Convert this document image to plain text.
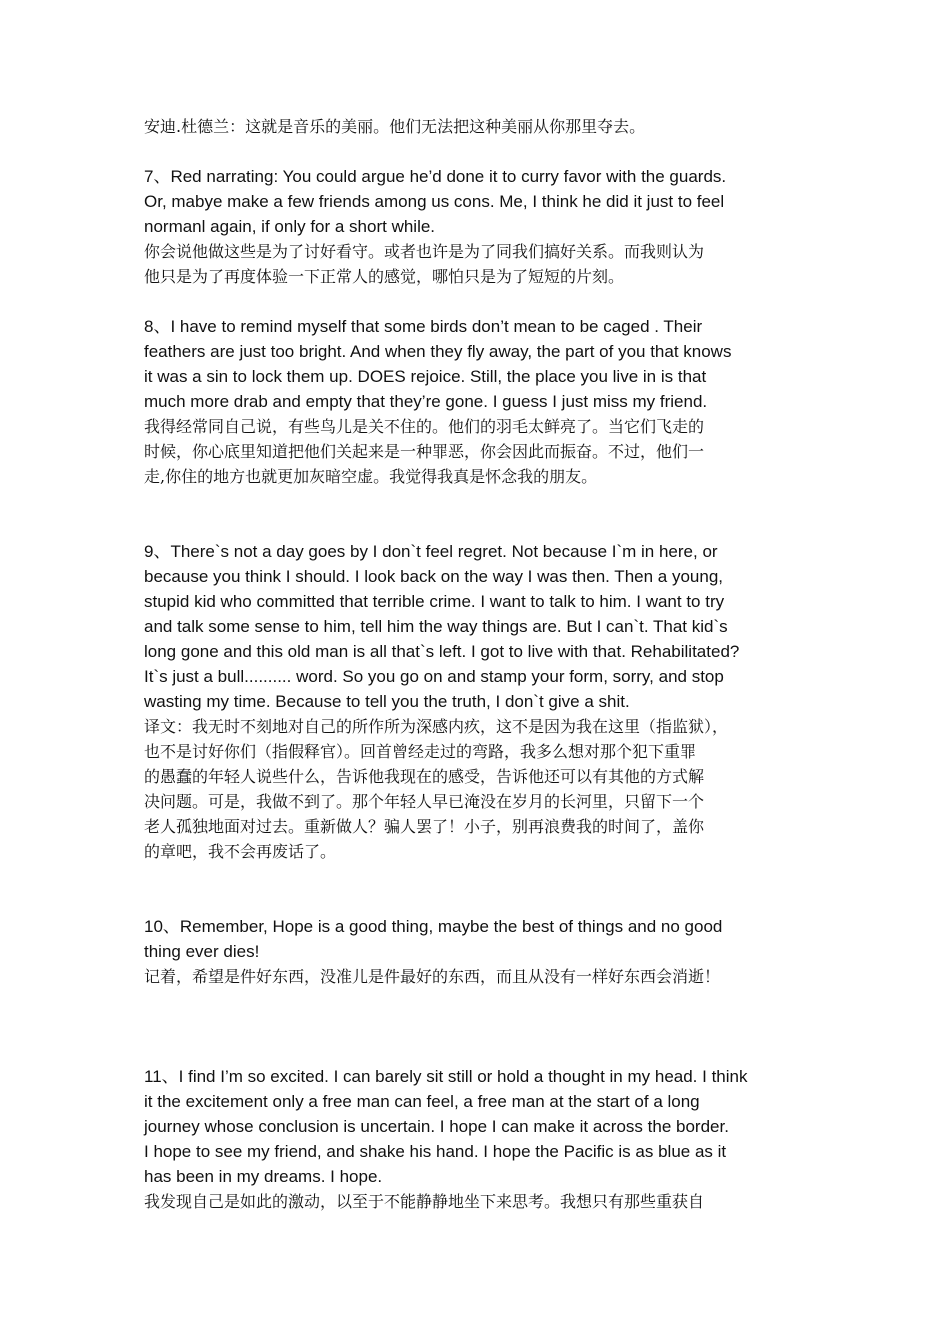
安迪.杜德兰：这就是音乐的美丽。他们无法把这种美丽从你那里夺去。

7、Red narrating: You could argue he’d done it to curry favor with the guards.
Or, mabye make a few friends among us cons. Me, I think he did it just to feel
normanl again, if only for a short while.

你会说他做这些是为了讨好看守。或者也许是为了同我们搞好关系。而我则认为
他只是为了再度体验一下正常人的感觉，哪怕只是为了短短的片刻。

8、I have to remind myself that some birds don’t mean to be caged . Their
feathers are just too bright. And when they fly away, the part of you that knows
it was a sin to lock them up. DOES rejoice. Still, the place you live in is that
much more drab and empty that they’re gone. I guess I just miss my friend.

我得经常同自己说，有些鸟儿是关不住的。他们的羽毛太鲜亮了。当它们飞走的
时候，你心底里知道把他们关起来是一种罪恶，你会因此而振奋。不过，他们一
走,你住的地方也就更加灰暗空虚。我觉得我真是怀念我的朋友。

9、There`s not a day goes by I don`t feel regret. Not because I`m in here, or
because you think I should. I look back on the way I was then. Then a young,
stupid kid who committed that terrible crime. I want to talk to him. I want to try
and talk some sense to him, tell him the way things are. But I can`t. That kid`s
long gone and this old man is all that`s left. I got to live with that. Rehabilitated?
It`s just a bull.......... word. So you go on and stamp your form, sorry, and stop
wasting my time. Because to tell you the truth, I don`t give a shit.

译文：我无时不刻地对自己的所作所为深感内疚，这不是因为我在这里（指监狱），
也不是讨好你们（指假释官）。回首曾经走过的弯路，我多么想对那个犯下重罪
的愚蠢的年轻人说些什么，告诉他我现在的感受，告诉他还可以有其他的方式解
决问题。可是，我做不到了。那个年轻人早已淹没在岁月的长河里，只留下一个
老人孤独地面对过去。重新做人？骗人罢了！小子，别再浪费我的时间了，盖你
的章吧，我不会再废话了。

10、Remember, Hope is a good thing, maybe the best of things and no good
thing ever dies!

记着，希望是件好东西，没准儿是件最好的东西，而且从没有一样好东西会消逝！

11、I find I’m so excited. I can barely sit still or hold a thought in my head. I think
it the excitement only a free man can feel, a free man at the start of a long
journey whose conclusion is uncertain. I hope I can make it across the border.
I hope to see my friend, and shake his hand. I hope the Pacific is as blue as it
has been in my dreams. I hope.

我发现自己是如此的激动，以至于不能静静地坐下来思考。我想只有那些重获自
